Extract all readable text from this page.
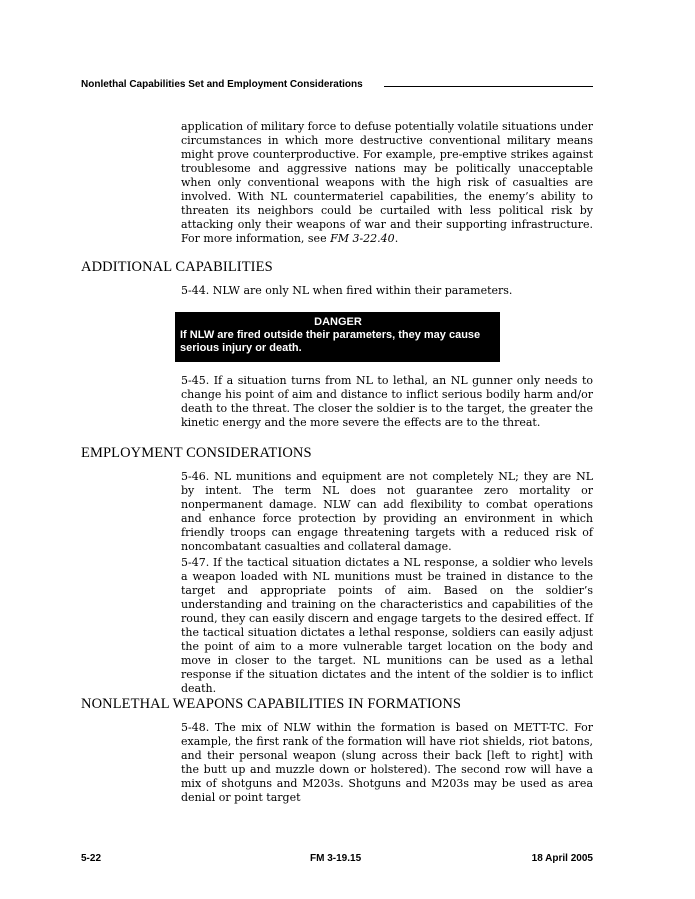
Nonlethal Capabilities Set and Employment Considerations
application of military force to defuse potentially volatile situations under circumstances in which more destructive conventional military means might prove counterproductive. For example, pre-emptive strikes against troublesome and aggressive nations may be politically unacceptable when only conventional weapons with the high risk of casualties are involved. With NL countermateriel capabilities, the enemy’s ability to threaten its neighbors could be curtailed with less political risk by attacking only their weapons of war and their supporting infrastructure. For more information, see FM 3-22.40.
ADDITIONAL CAPABILITIES
5-44. NLW are only NL when fired within their parameters.
DANGER
If NLW are fired outside their parameters, they may cause serious injury or death.
5-45. If a situation turns from NL to lethal, an NL gunner only needs to change his point of aim and distance to inflict serious bodily harm and/or death to the threat. The closer the soldier is to the target, the greater the kinetic energy and the more severe the effects are to the threat.
EMPLOYMENT CONSIDERATIONS
5-46. NL munitions and equipment are not completely NL; they are NL by intent. The term NL does not guarantee zero mortality or nonpermanent damage. NLW can add flexibility to combat operations and enhance force protection by providing an environment in which friendly troops can engage threatening targets with a reduced risk of noncombatant casualties and collateral damage.
5-47. If the tactical situation dictates a NL response, a soldier who levels a weapon loaded with NL munitions must be trained in distance to the target and appropriate points of aim. Based on the soldier’s understanding and training on the characteristics and capabilities of the round, they can easily discern and engage targets to the desired effect. If the tactical situation dictates a lethal response, soldiers can easily adjust the point of aim to a more vulnerable target location on the body and move in closer to the target. NL munitions can be used as a lethal response if the situation dictates and the intent of the soldier is to inflict death.
NONLETHAL WEAPONS CAPABILITIES IN FORMATIONS
5-48. The mix of NLW within the formation is based on METT-TC. For example, the first rank of the formation will have riot shields, riot batons, and their personal weapon (slung across their back [left to right] with the butt up and muzzle down or holstered). The second row will have a mix of shotguns and M203s. Shotguns and M203s may be used as area denial or point target
5-22	FM 3-19.15	18 April 2005
